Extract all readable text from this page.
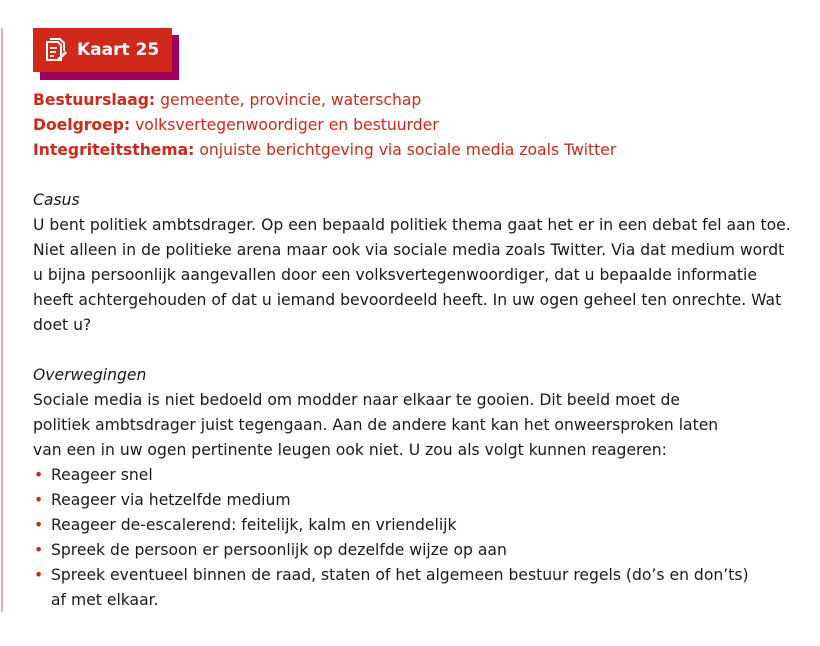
Kaart 25
Bestuurslaag: gemeente, provincie, waterschap
Doelgroep: volksvertegenwoordiger en bestuurder
Integriteitsthema: onjuiste berichtgeving via sociale media zoals Twitter
Casus

U bent politiek ambtsdrager. Op een bepaald politiek thema gaat het er in een debat fel aan toe. Niet alleen in de politieke arena maar ook via sociale media zoals Twitter. Via dat medium wordt u bijna persoonlijk aangevallen door een volksvertegenwoordiger, dat u bepaalde informatie heeft achtergehouden of dat u iemand bevoordeeld heeft. In uw ogen geheel ten onrechte. Wat doet u?

Overwegingen

Sociale media is niet bedoeld om modder naar elkaar te gooien. Dit beeld moet de politiek ambtsdrager juist tegengaan. Aan de andere kant kan het onweersproken laten van een in uw ogen pertinente leugen ook niet. U zou als volgt kunnen reageren:

• Reageer snel
• Reageer via hetzelfde medium
• Reageer de-escalerend: feitelijk, kalm en vriendelijk
• Spreek de persoon er persoonlijk op dezelfde wijze op aan
• Spreek eventueel binnen de raad, staten of het algemeen bestuur regels (do’s en don’ts) af met elkaar.
